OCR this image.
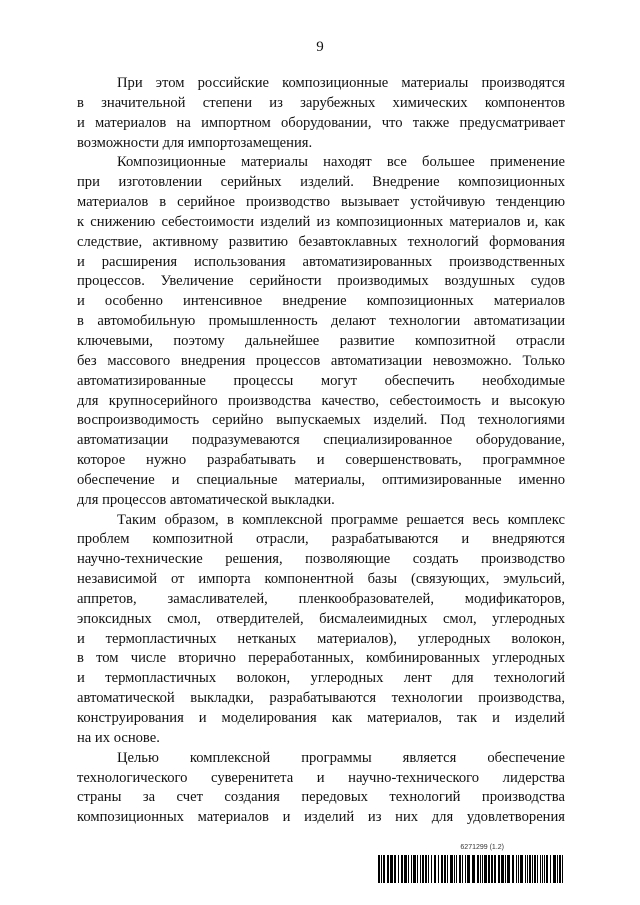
9

При этом российские композиционные материалы производятся
в значительной степени из зарубежных химических компонентов
и материалов на импортном оборудовании, что также предусматривает
возможности для импортозамещения.

Композиционные материалы находят все большее применение
при изготовлении серийных изделий. Внедрение композиционных
материалов в серийное производство вызывает устойчивую тенденцию
к снижению себестоимости изделий из композиционных материалов и, как
следствие, активному развитию безавтоклавных технологий формования
и расширения использования автоматизированных производственных
процессов. Увеличение серийности производимых воздушных судов
и особенно интенсивное внедрение композиционных материалов
в автомобильную промышленность делают технологии автоматизации
ключевыми, поэтому дальнейшее развитие композитной отрасли
без массового внедрения процессов автоматизации невозможно. Только
автоматизированные процессы могут обеспечить необходимые
для крупносерийного производства качество, себестоимость и высокую
воспроизводимость серийно выпускаемых изделий. Под технологиями
автоматизации подразумеваются специализированное оборудование,
которое нужно разрабатывать и совершенствовать, программное
обеспечение и специальные материалы, оптимизированные именно
для процессов автоматической выкладки.

Таким образом, в комплексной программе решается весь комплекс
проблем композитной отрасли, разрабатываются и внедряются
научно-технические решения, позволяющие создать производство
независимой от импорта компонентной базы (связующих, эмульсий,
аппретов, замасливателей, пленкообразователей, модификаторов,
эпоксидных смол, отвердителей, бисмалеимидных смол, углеродных
и термопластичных нетканых материалов), углеродных волокон,
в том числе вторично переработанных, комбинированных углеродных
и термопластичных волокон, углеродных лент для технологий
автоматической выкладки, разрабатываются технологии производства,
конструирования и моделирования как материалов, так и изделий
на их основе.

Целью комплексной программы является обеспечение
технологического суверенитета и научно-технического лидерства
страны за счет создания передовых технологий производства
композиционных материалов и изделий из них для удовлетворения

6271299 (1.2)
